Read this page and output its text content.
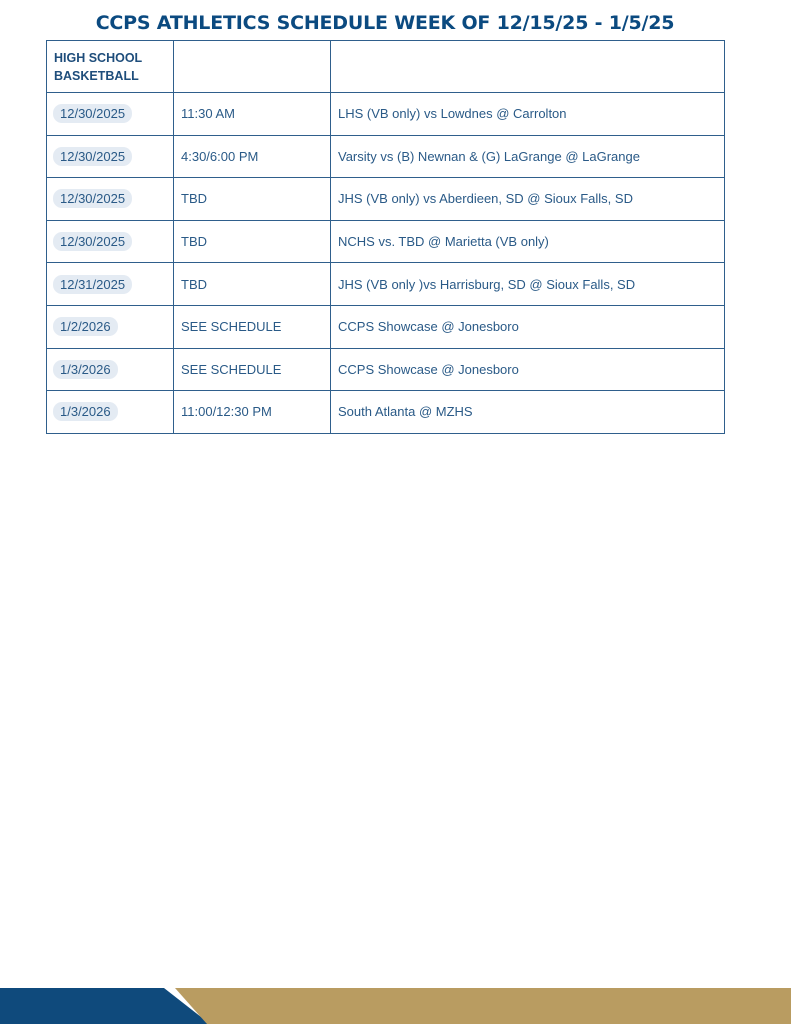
CCPS ATHLETICS SCHEDULE WEEK OF 12/15/25 - 1/5/25
HIGH SCHOOL
BASKETBALL		

12/30/2025	11:30 AM	LHS (VB only) vs Lowdnes @ Carrolton
12/30/2025	4:30/6:00 PM	Varsity vs (B) Newnan & (G) LaGrange @ LaGrange
12/30/2025	TBD	JHS (VB only) vs Aberdieen, SD @ Sioux Falls, SD
12/30/2025	TBD	NCHS vs. TBD @ Marietta (VB only)
12/31/2025	TBD	JHS (VB only )vs Harrisburg, SD @ Sioux Falls, SD
1/2/2026	SEE SCHEDULE	CCPS Showcase @ Jonesboro
1/3/2026	SEE SCHEDULE	CCPS Showcase @ Jonesboro
1/3/2026	11:00/12:30 PM	South Atlanta @ MZHS
